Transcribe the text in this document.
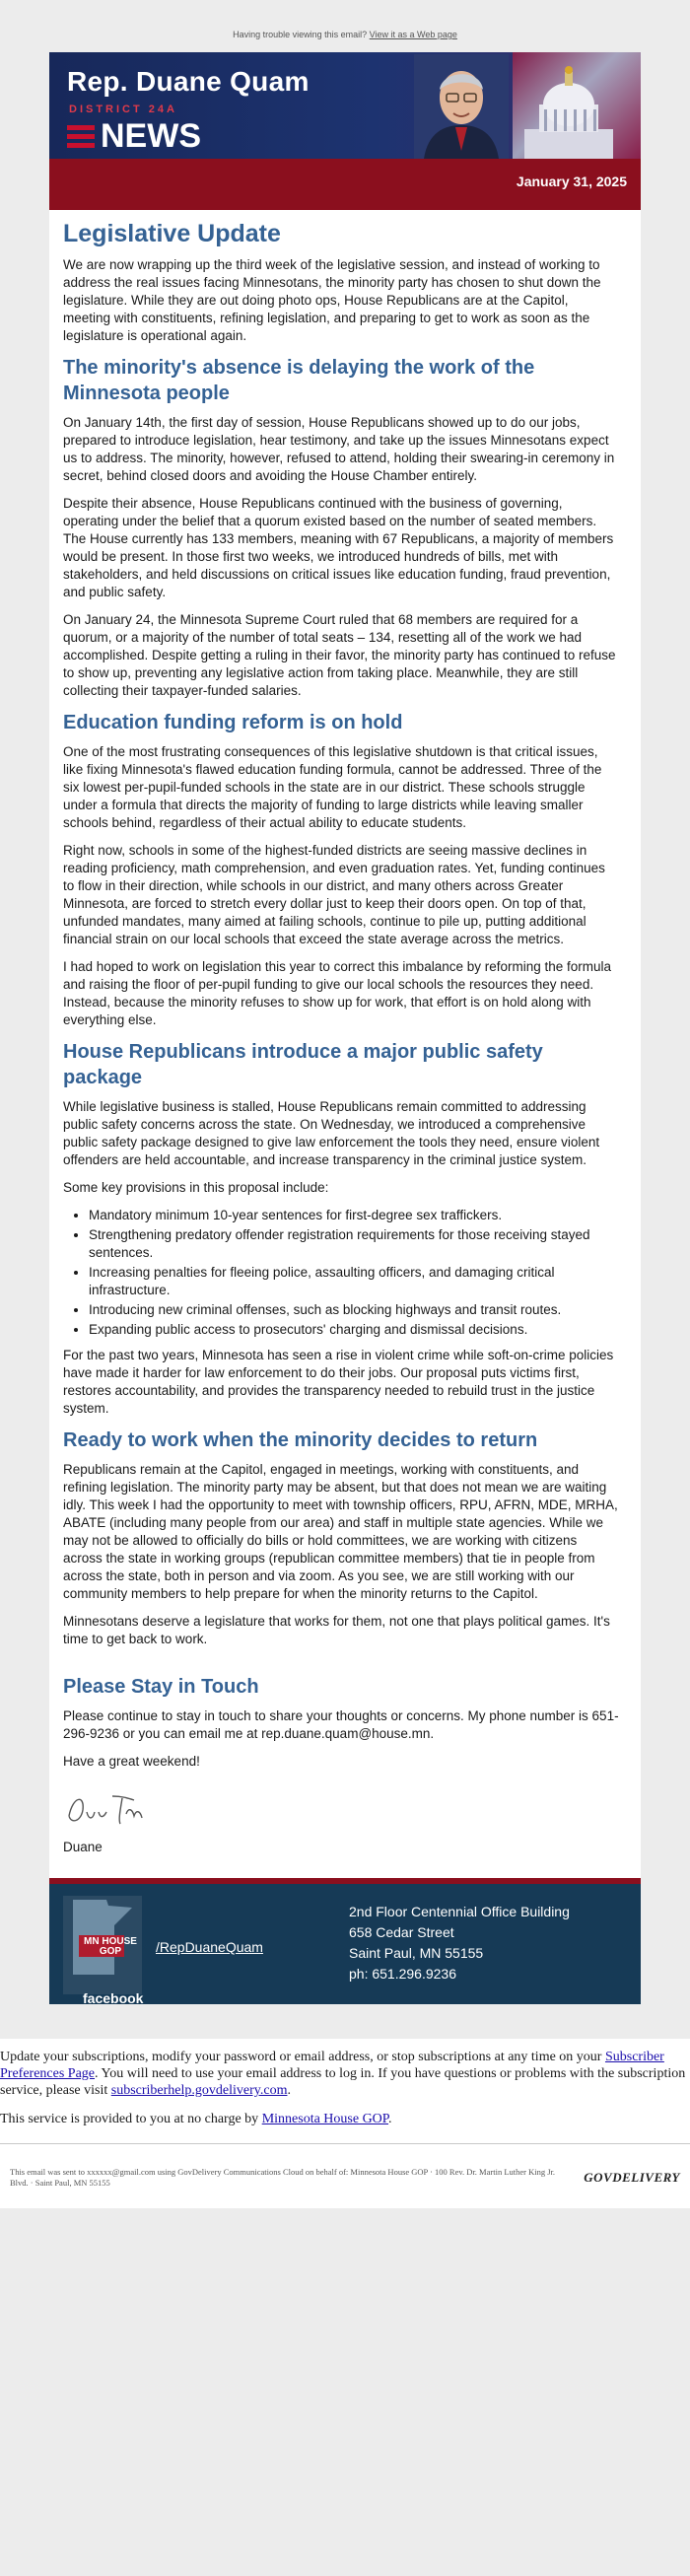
Having trouble viewing this email? View it as a Web page
Rep. Duane Quam
DISTRICT 24A
NEWS
January 31, 2025
Legislative Update

We are now wrapping up the third week of the legislative session, and instead of working to address the real issues facing Minnesotans, the minority party has chosen to shut down the legislature. While they are out doing photo ops, House Republicans are at the Capitol, meeting with constituents, refining legislation, and preparing to get to work as soon as the legislature is operational again.

The minority's absence is delaying the work of the Minnesota people

On January 14th, the first day of session, House Republicans showed up to do our jobs, prepared to introduce legislation, hear testimony, and take up the issues Minnesotans expect us to address. The minority, however, refused to attend, holding their swearing-in ceremony in secret, behind closed doors and avoiding the House Chamber entirely.

Despite their absence, House Republicans continued with the business of governing, operating under the belief that a quorum existed based on the number of seated members. The House currently has 133 members, meaning with 67 Republicans, a majority of members would be present. In those first two weeks, we introduced hundreds of bills, met with stakeholders, and held discussions on critical issues like education funding, fraud prevention, and public safety.

On January 24, the Minnesota Supreme Court ruled that 68 members are required for a quorum, or a majority of the number of total seats – 134, resetting all of the work we had accomplished. Despite getting a ruling in their favor, the minority party has continued to refuse to show up, preventing any legislative action from taking place. Meanwhile, they are still collecting their taxpayer-funded salaries.

Education funding reform is on hold

One of the most frustrating consequences of this legislative shutdown is that critical issues, like fixing Minnesota's flawed education funding formula, cannot be addressed. Three of the six lowest per-pupil-funded schools in the state are in our district. These schools struggle under a formula that directs the majority of funding to large districts while leaving smaller schools behind, regardless of their actual ability to educate students.

Right now, schools in some of the highest-funded districts are seeing massive declines in reading proficiency, math comprehension, and even graduation rates. Yet, funding continues to flow in their direction, while schools in our district, and many others across Greater Minnesota, are forced to stretch every dollar just to keep their doors open. On top of that, unfunded mandates, many aimed at failing schools, continue to pile up, putting additional financial strain on our local schools that exceed the state average across the metrics.

I had hoped to work on legislation this year to correct this imbalance by reforming the formula and raising the floor of per-pupil funding to give our local schools the resources they need. Instead, because the minority refuses to show up for work, that effort is on hold along with everything else.

House Republicans introduce a major public safety package

While legislative business is stalled, House Republicans remain committed to addressing public safety concerns across the state. On Wednesday, we introduced a comprehensive public safety package designed to give law enforcement the tools they need, ensure violent offenders are held accountable, and increase transparency in the criminal justice system.

Some key provisions in this proposal include:

• Mandatory minimum 10-year sentences for first-degree sex traffickers.
• Strengthening predatory offender registration requirements for those receiving stayed sentences.
• Increasing penalties for fleeing police, assaulting officers, and damaging critical infrastructure.
• Introducing new criminal offenses, such as blocking highways and transit routes.
• Expanding public access to prosecutors' charging and dismissal decisions.

For the past two years, Minnesota has seen a rise in violent crime while soft-on-crime policies have made it harder for law enforcement to do their jobs. Our proposal puts victims first, restores accountability, and provides the transparency needed to rebuild trust in the justice system.

Ready to work when the minority decides to return

Republicans remain at the Capitol, engaged in meetings, working with constituents, and refining legislation. The minority party may be absent, but that does not mean we are waiting idly. This week I had the opportunity to meet with township officers, RPU, AFRN, MDE, MRHA, ABATE (including many people from our area) and staff in multiple state agencies. While we may not be allowed to officially do bills or hold committees, we are working with citizens across the state in working groups (republican committee members) that tie in people from across the state, both in person and via zoom. As you see, we are still working with our community members to help prepare for when the minority returns to the Capitol.

Minnesotans deserve a legislature that works for them, not one that plays political games. It's time to get back to work.

Please Stay in Touch

Please continue to stay in touch to share your thoughts or concerns. My phone number is 651-296-9236 or you can email me at rep.duane.quam@house.mn.

Have a great weekend!

Duane

MN HOUSE GOP
facebook
/RepDuaneQuam
2nd Floor Centennial Office Building
658 Cedar Street
Saint Paul, MN 55155
ph: 651.296.9236

Update your subscriptions, modify your password or email address, or stop subscriptions at any time on your Subscriber Preferences Page. You will need to use your email address to log in. If you have questions or problems with the subscription service, please visit subscriberhelp.govdelivery.com.

This service is provided to you at no charge by Minnesota House GOP.

This email was sent to xxxxxx@gmail.com using GovDelivery Communications Cloud on behalf of: Minnesota House GOP · 100 Rev. Dr. Martin Luther King Jr. Blvd. · Saint Paul, MN 55155	GOVDELIVERY
